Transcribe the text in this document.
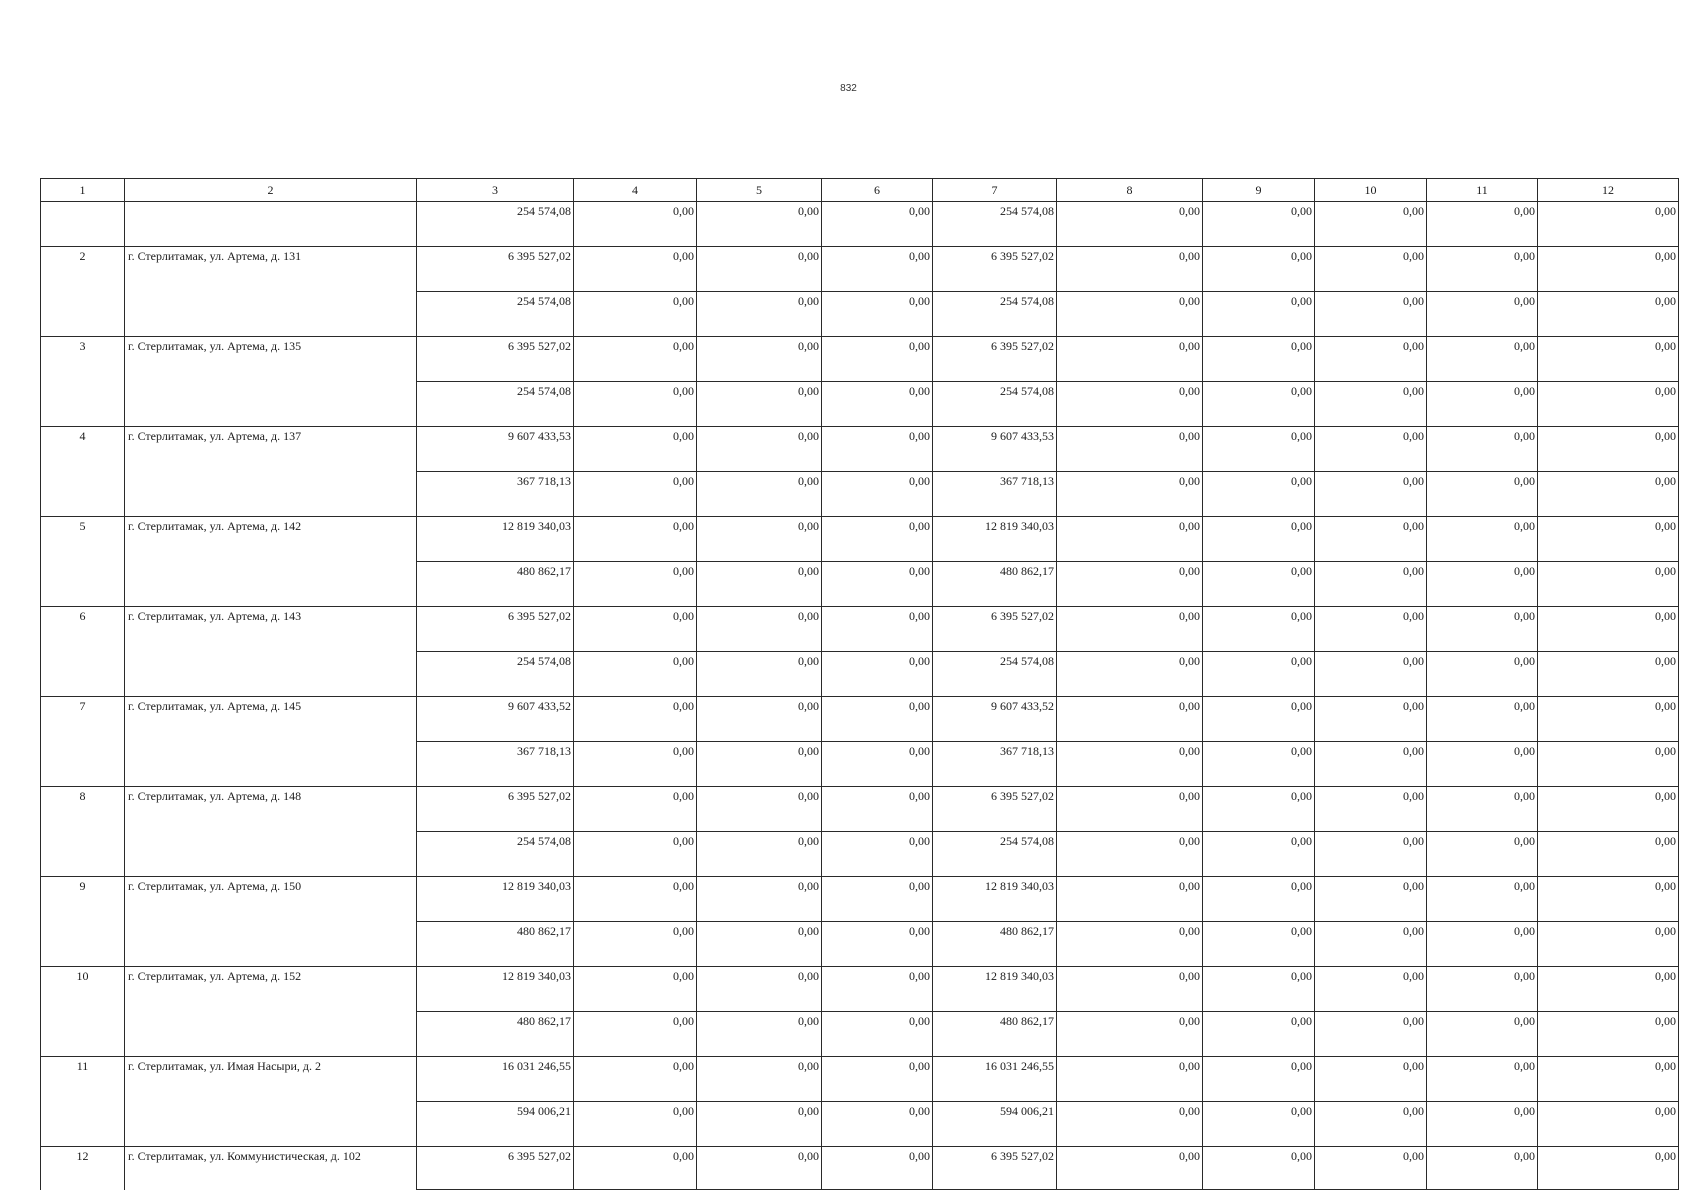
832
1	2	3	4	5	6	7	8	9	10	11	12
		254 574,08	0,00	0,00	0,00	254 574,08	0,00	0,00	0,00	0,00	0,00
2	г. Стерлитамак, ул. Артема, д. 131	6 395 527,02	0,00	0,00	0,00	6 395 527,02	0,00	0,00	0,00	0,00	0,00
		254 574,08	0,00	0,00	0,00	254 574,08	0,00	0,00	0,00	0,00	0,00
3	г. Стерлитамак, ул. Артема, д. 135	6 395 527,02	0,00	0,00	0,00	6 395 527,02	0,00	0,00	0,00	0,00	0,00
		254 574,08	0,00	0,00	0,00	254 574,08	0,00	0,00	0,00	0,00	0,00
4	г. Стерлитамак, ул. Артема, д. 137	9 607 433,53	0,00	0,00	0,00	9 607 433,53	0,00	0,00	0,00	0,00	0,00
		367 718,13	0,00	0,00	0,00	367 718,13	0,00	0,00	0,00	0,00	0,00
5	г. Стерлитамак, ул. Артема, д. 142	12 819 340,03	0,00	0,00	0,00	12 819 340,03	0,00	0,00	0,00	0,00	0,00
		480 862,17	0,00	0,00	0,00	480 862,17	0,00	0,00	0,00	0,00	0,00
6	г. Стерлитамак, ул. Артема, д. 143	6 395 527,02	0,00	0,00	0,00	6 395 527,02	0,00	0,00	0,00	0,00	0,00
		254 574,08	0,00	0,00	0,00	254 574,08	0,00	0,00	0,00	0,00	0,00
7	г. Стерлитамак, ул. Артема, д. 145	9 607 433,52	0,00	0,00	0,00	9 607 433,52	0,00	0,00	0,00	0,00	0,00
		367 718,13	0,00	0,00	0,00	367 718,13	0,00	0,00	0,00	0,00	0,00
8	г. Стерлитамак, ул. Артема, д. 148	6 395 527,02	0,00	0,00	0,00	6 395 527,02	0,00	0,00	0,00	0,00	0,00
		254 574,08	0,00	0,00	0,00	254 574,08	0,00	0,00	0,00	0,00	0,00
9	г. Стерлитамак, ул. Артема, д. 150	12 819 340,03	0,00	0,00	0,00	12 819 340,03	0,00	0,00	0,00	0,00	0,00
		480 862,17	0,00	0,00	0,00	480 862,17	0,00	0,00	0,00	0,00	0,00
10	г. Стерлитамак, ул. Артема, д. 152	12 819 340,03	0,00	0,00	0,00	12 819 340,03	0,00	0,00	0,00	0,00	0,00
		480 862,17	0,00	0,00	0,00	480 862,17	0,00	0,00	0,00	0,00	0,00
11	г. Стерлитамак, ул. Имая Насыри, д. 2	16 031 246,55	0,00	0,00	0,00	16 031 246,55	0,00	0,00	0,00	0,00	0,00
		594 006,21	0,00	0,00	0,00	594 006,21	0,00	0,00	0,00	0,00	0,00
12	г. Стерлитамак, ул. Коммунистическая, д. 102	6 395 527,02	0,00	0,00	0,00	6 395 527,02	0,00	0,00	0,00	0,00	0,00
